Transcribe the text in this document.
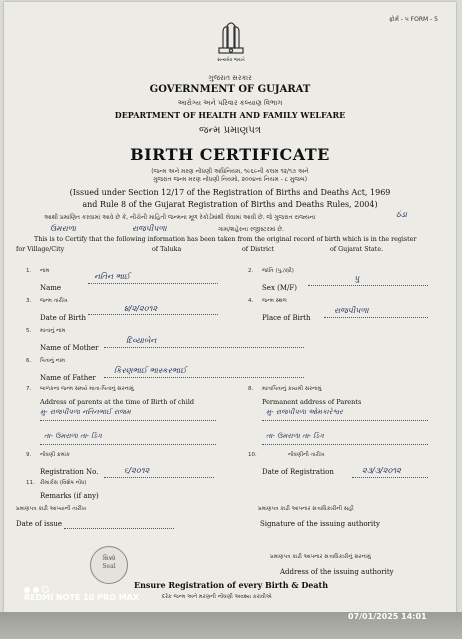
ફોર્મ - ૫ FORM - 5
સત્યમેવ જયતે
ગુજરાત સરકાર
GOVERNMENT OF GUJARAT
આરોગ્ય અને પરિવાર કલ્યાણ વિભાગ
DEPARTMENT OF HEALTH AND FAMILY WELFARE
જન્મ પ્રમાણપત્ર
BIRTH CERTIFICATE
(જન્મ અને મરણ નોંધણી અધિનિયમ, ૧૯૬૯ની કલમ ૧૨/૧૭ અને
ગુજરાત જન્મ મરણ નોંધણી નિયમો, ૨૦૦૪ના નિયમ - ૮ મુજબ)
(Issued under Section 12/17 of the Registration of Births and Deaths Act, 1969
and Rule 8 of the Gujarat Registration of Births and Deaths Rules, 2004)
આથી પ્રમાણિત કરવામાં આવે છે કે, નીચેની માહિતી જન્મના મૂળ રેકોર્ડમાંથી લેવામાં આવી છે. જે ગુજરાત રાજ્યના	ઠંડા
ઉમરાળા	રાજપીપળા	ગામ/શહેરના રજીસ્ટરમાં છે.
This is to Certify that the following information has been taken from the original record of birth which is in the register
for Village/City	of Taluka	of District	of Gujarat State.
1. નામ
Name
નતિન ભાઈ
2. જાતિ (પુ./સ્ત્રી)
Sex (M/F)
પુ
3. જન્મ તારીખ
Date of Birth
૪/૨/૨૦૧૨
4. જન્મ સ્થળ
Place of Birth
રાજપીપળા
5. માતાનું નામ
Name of Mother
દિવ્યાબેન
6. પિતાનું નામ
Name of Father
કિરણભાઈ ભાસ્કરભાઈ
7. બાળકના જન્મ સમયે માતા-પિતાનું સરનામું
Address of parents at the time of Birth of child
મુ- રાજપીપળા નતિનભાઈ રાજમ
તા- ઉમરાળા તા- ડિંગ
8. માતાપિતાનું કાયમી સરનામું
Permanent address of Parents
મુ- રાજપીપળા ઓમકારેશ્વર
તા- ઉમરાળા તા- ડિંગ
9. નોંધણી ક્રમાંક
Registration No.	૬/૨૦૧૨
10.	નોંધણીની તારીખ
Date of Registration	૨૩/૩/૨૦૧૨
11. રીમાર્કસ (વિશેષ નોંધ)
Remarks (if any)
પ્રમાણપત્ર કાઢી આપ્યાની તારીખ
Date of issue
પ્રમાણપત્ર કાઢી આપનાર સત્તાધિકારીની સહી
Signature of the issuing authority
પ્રમાણપત્ર કાઢી આપનાર સત્તાધિકારીનું સરનામું
Address of the issuing authority
સિક્કો
Seal
Ensure Registration of every Birth & Death
દરેક જન્મ અને મરણની નોંધણી અવશ્ય કરાવીએ
REDMI NOTE 10 PRO MAX
07/01/2025 14:01
